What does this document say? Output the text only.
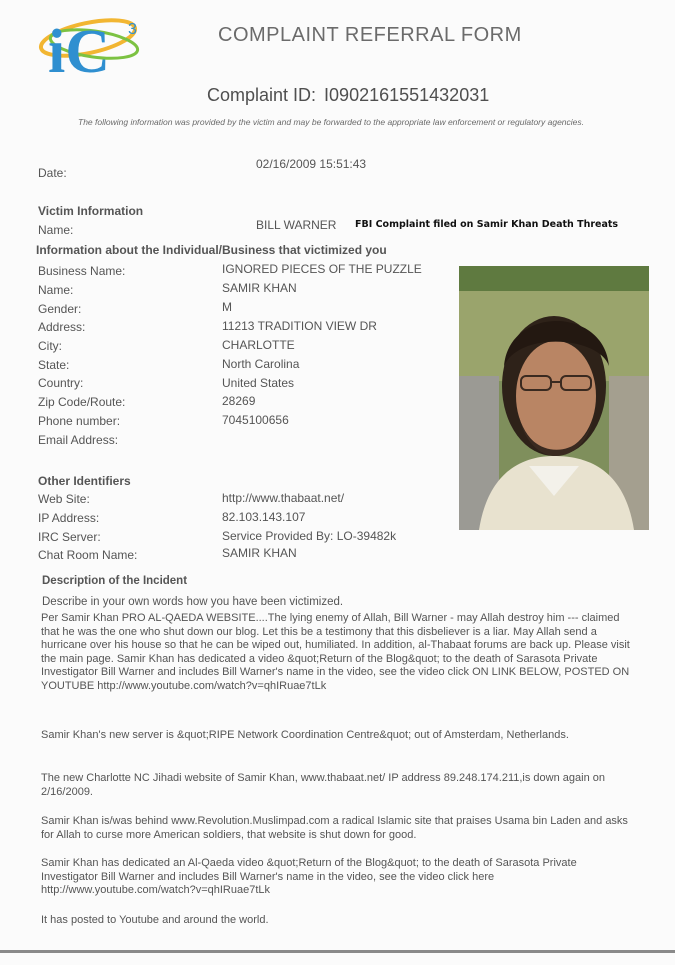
iC 3	COMPLAINT REFERRAL FORM
Complaint ID: I0902161551432031
The following information was provided by the victim and may be forwarded to the appropriate law enforcement or regulatory agencies.
Date:
02/16/2009 15:51:43
Victim Information
Name:	BILL WARNER FBI Complaint filed on Samir Khan Death Threats
Information about the Individual/Business that victimized you
Business Name:	IGNORED PIECES OF THE PUZZLE
Name:	SAMIR KHAN
Gender:	M
Address:	11213 TRADITION VIEW DR
City:	CHARLOTTE
State:	North Carolina
Country:	United States
Zip Code/Route:	28269
Phone number:	7045100656
Email Address:
Other Identifiers
Web Site:	http://www.thabaat.net/
IP Address:	82.103.143.107
IRC Server:	Service Provided By: LO-39482k
Chat Room Name:	SAMIR KHAN
Description of the Incident
Describe in your own words how you have been victimized.
Per Samir Khan PRO AL-QAEDA WEBSITE....The lying enemy of Allah, Bill Warner - may Allah destroy him --- claimed that he was the one who shut down our blog. Let this be a testimony that this disbeliever is a liar. May Allah send a hurricane over his house so that he can be wiped out, humiliated. In addition, al-Thabaat forums are back up. Please visit the main page. Samir Khan has dedicated a video &quot;Return of the Blog&quot; to the death of Sarasota Private Investigator Bill Warner and includes Bill Warner's name in the video, see the video click ON LINK BELOW, POSTED ON YOUTUBE http://www.youtube.com/watch?v=qhIRuae7tLk
Samir Khan's new server is &quot;RIPE Network Coordination Centre&quot; out of Amsterdam, Netherlands.
The new Charlotte NC Jihadi website of Samir Khan, www.thabaat.net/ IP address 89.248.174.211,is down again on 2/16/2009.
Samir Khan is/was behind www.Revolution.Muslimpad.com a radical Islamic site that praises Usama bin Laden and asks for Allah to curse more American soldiers, that website is shut down for good.
Samir Khan has dedicated an Al-Qaeda video &quot;Return of the Blog&quot; to the death of Sarasota Private Investigator Bill Warner and includes Bill Warner's name in the video, see the video click here http://www.youtube.com/watch?v=qhIRuae7tLk
It has posted to Youtube and around the world.
